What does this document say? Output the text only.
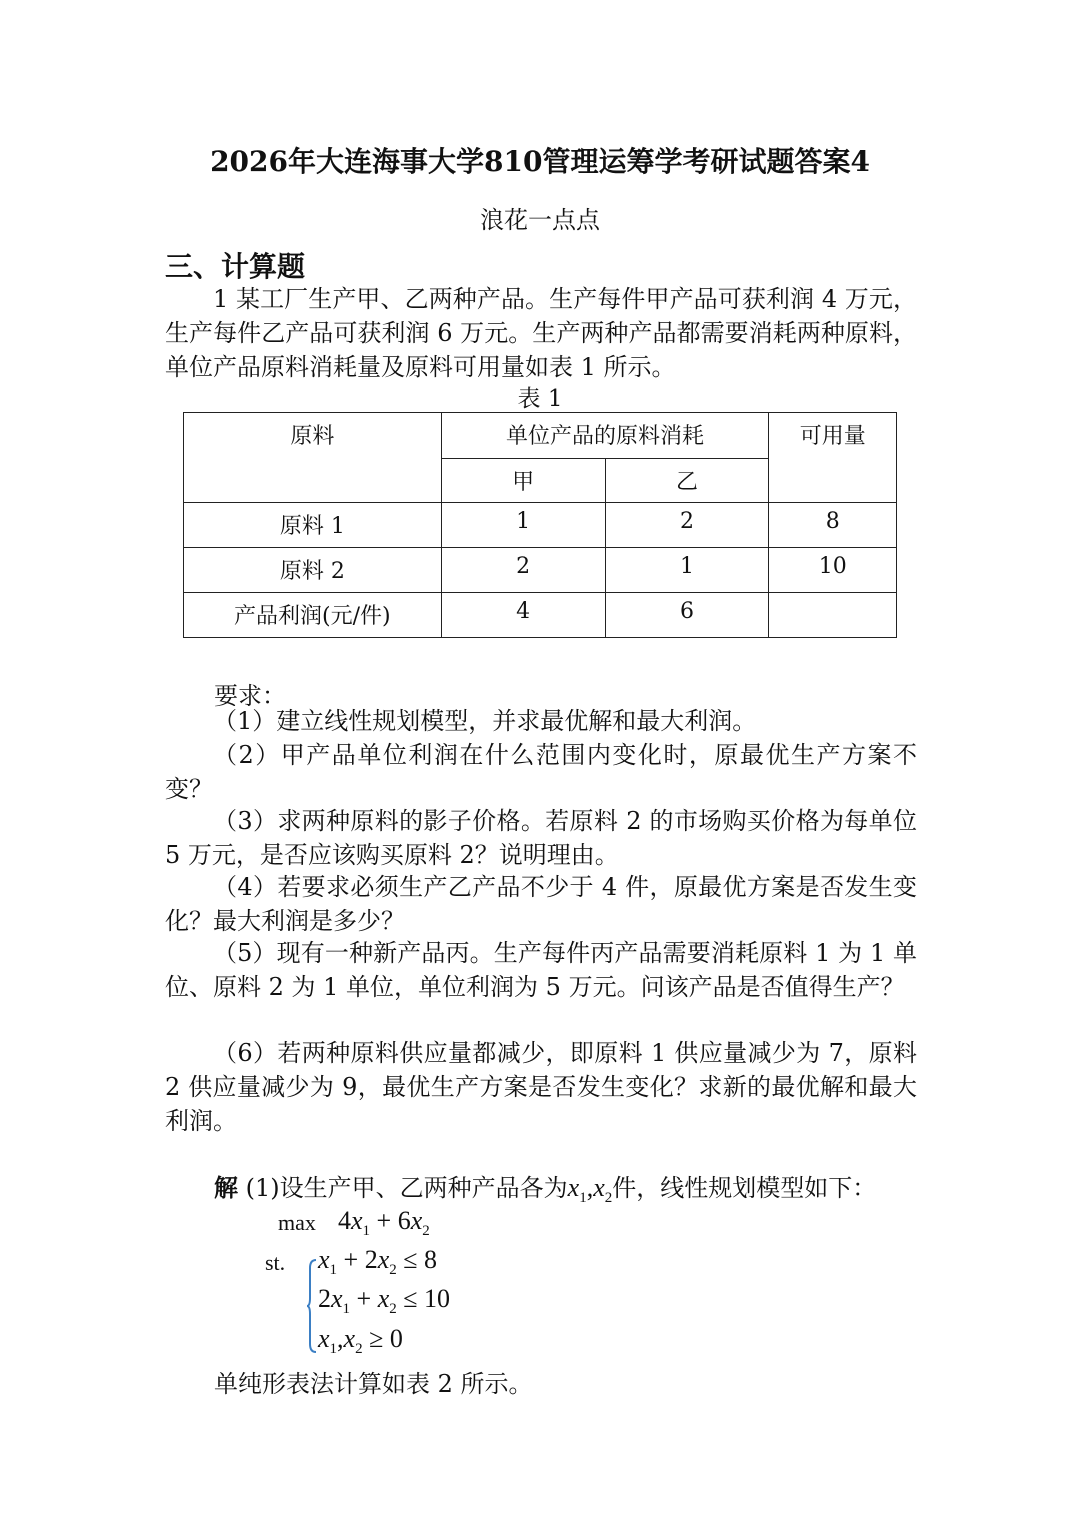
2026年大连海事大学810管理运筹学考研试题答案4
浪花一点点
三、计算题
1 某工厂生产甲、乙两种产品。生产每件甲产品可获利润 4 万元，生产每件乙产品可获利润 6 万元。生产两种产品都需要消耗两种原料，单位产品原料消耗量及原料可用量如表 1 所示。
表 1
原料	单位产品的原料消耗		可用量
	甲	乙	
原料 1	1	2	8
原料 2	2	1	10
产品利润(元/件)	4	6	
要求：
（1）建立线性规划模型，并求最优解和最大利润。
（2）甲产品单位利润在什么范围内变化时，原最优生产方案不变？
（3）求两种原料的影子价格。若原料 2 的市场购买价格为每单位 5 万元，是否应该购买原料 2？说明理由。
（4）若要求必须生产乙产品不少于 4 件，原最优方案是否发生变化？最大利润是多少？
（5）现有一种新产品丙。生产每件丙产品需要消耗原料 1 为 1 单位、原料 2 为 1 单位，单位利润为 5 万元。问该产品是否值得生产？
（6）若两种原料供应量都减少，即原料 1 供应量减少为 7，原料 2 供应量减少为 9，最优生产方案是否发生变化？求新的最优解和最大利润。
解 (1)设生产甲、乙两种产品各为$x_1,x_2$件，线性规划模型如下：
$\max 4x_1 + 6x_2$
st. $x_1 + 2x_2 \le 8$
$2x_1 + x_2 \le 10$
$x_1,x_2 \ge 0$
单纯形表法计算如表 2 所示。
